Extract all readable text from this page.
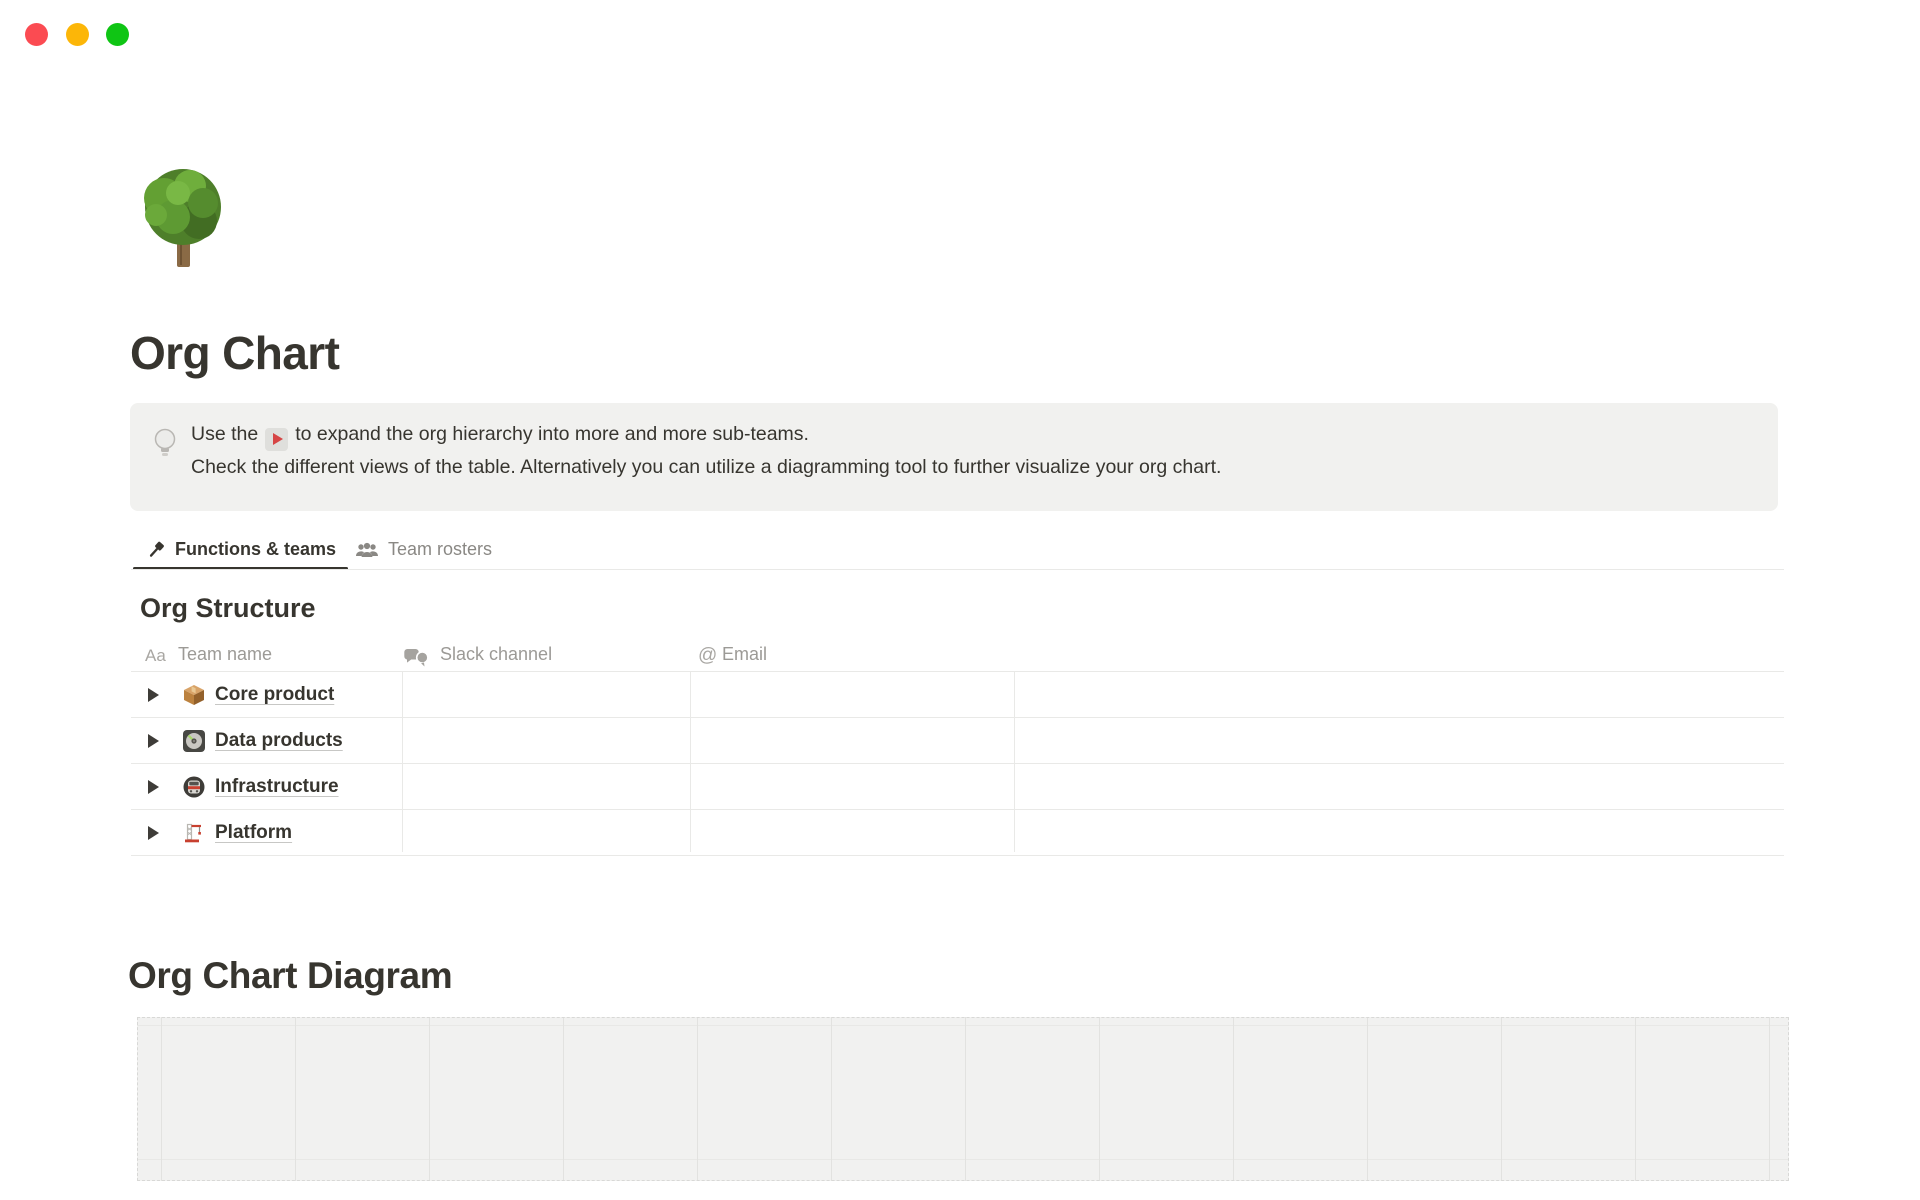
Org Chart
Use the to expand the org hierarchy into more and more sub-teams.
Check the different views of the table. Alternatively you can utilize a diagramming tool to further visualize your org chart.
Functions & teams	Team rosters
Org Structure
Aa Team name	Slack channel	@ Email
Core product
Data products
Infrastructure
Platform
Org Chart Diagram
